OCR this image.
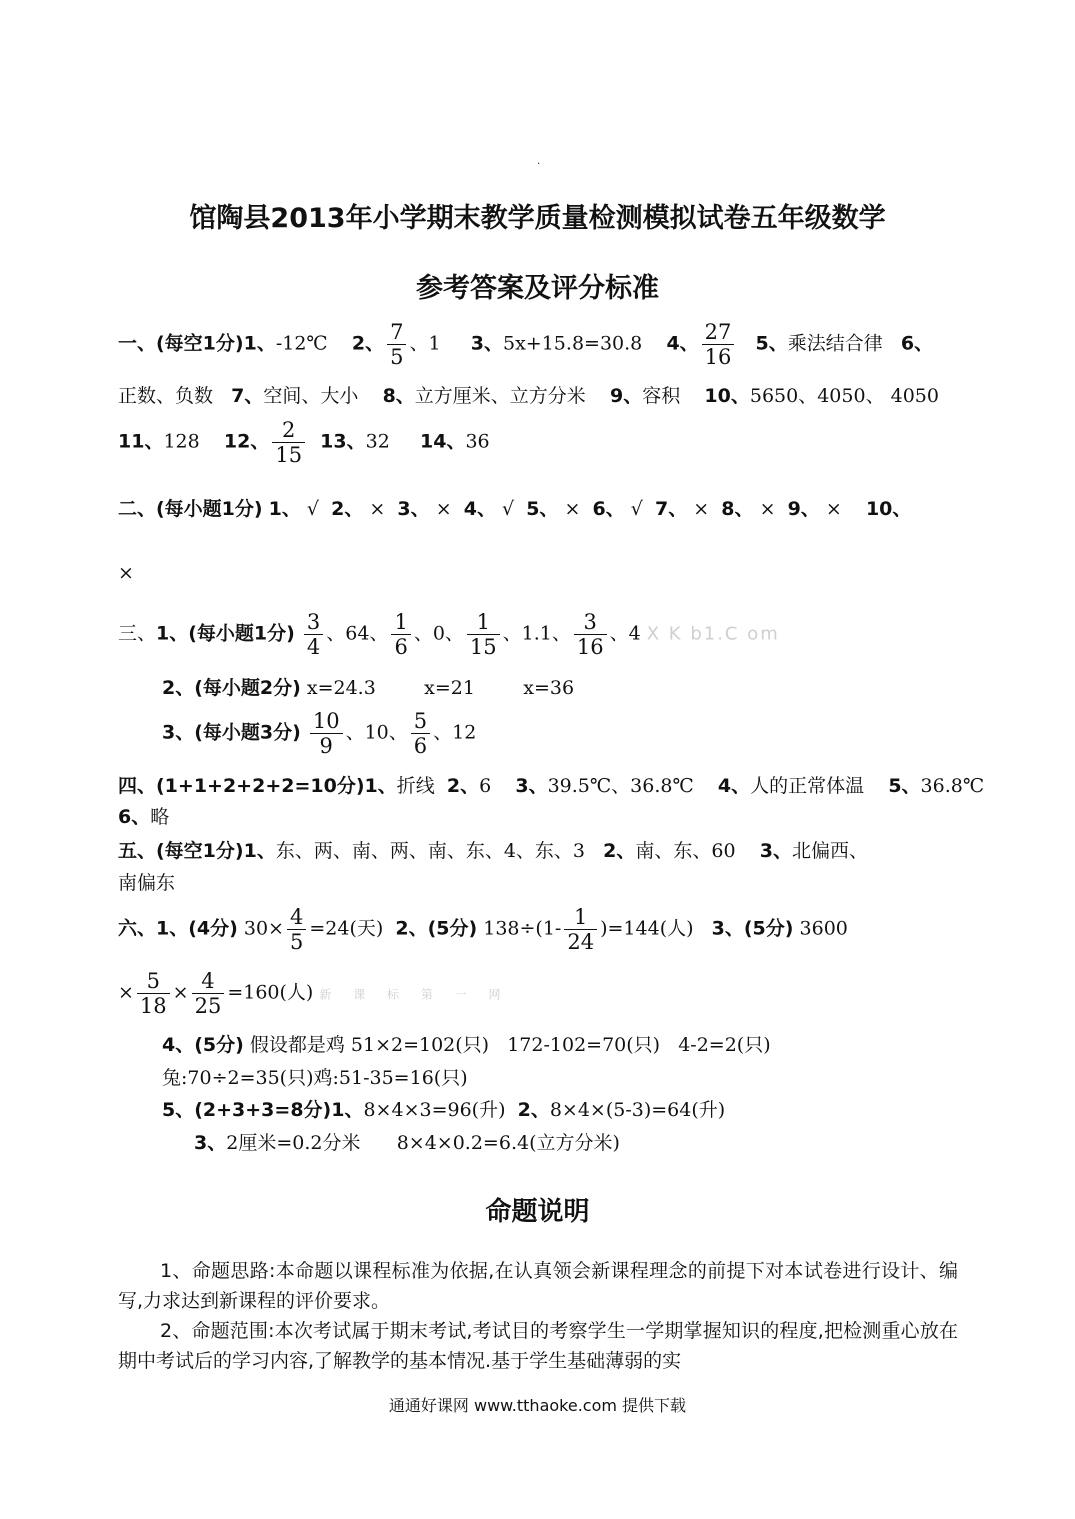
.
馆陶县2013年小学期末教学质量检测模拟试卷五年级数学
参考答案及评分标准
一、(每空1分)1、-12℃ 2、 $\frac{7}{5}$ 、1 3、5x+15.8=30.8 4、 $\frac{27}{16} 5$、乘法结合律 6、
正数、负数 7、空间、大小 8、立方厘米、立方分米 9、容积 10、5650、4050、 4050
11、128 12、 $\frac{2}{15} 13$、32 14、36
二、(每小题1分) 1、 √ 2、 × 3、 × 4、 √ 5、 × 6、 √ 7、 × 8、 × 9、 × 10、
×
三、1、(每小题1分) $\frac{3}{4}$ 、64、 $\frac{1}{6}$ 、0、 $\frac{1}{15}$ 、1.1、 $\frac{3}{16}$ 、4 X K b1.C om
2、(每小题2分) x=24.3        x=21        x=36
3、(每小题3分) $\frac{10}{9}$ 、10、 $\frac{5}{6}$ 、12
四、(1+1+2+2+2=10分)1、折线 2、6 3、39.5℃、36.8℃ 4、人的正常体温 5、36.8℃
6、略
五、(每空1分)1、东、两、南、两、南、东、4、东、3 2、南、东、60 3、北偏西、
南偏东
六、1、(4分) $30\times \frac{4}{5} =24$(天) 2、(5分) $138\div(1- \frac{1}{24} )=144$(人) 3、(5分) 3600
× $\frac{5}{18} \times \frac{4}{25} =160$(人) 新 课 标 第 一 网
4、(5分) 假设都是鸡 51×2=102(只)   172-102=70(只)   4-2=2(只)
兔:70÷2=35(只)鸡:51-35=16(只)
5、(2+3+3=8分)1、8×4×3=96(升) 2、8×4×(5-3)=64(升)
3、2厘米=0.2分米      8×4×0.2=6.4(立方分米)
命题说明
1、命题思路:本命题以课程标准为依据,在认真领会新课程理念的前提下对本试卷进行设计、编写,力求达到新课程的评价要求。
2、命题范围:本次考试属于期末考试,考试目的考察学生一学期掌握知识的程度,把检测重心放在期中考试后的学习内容,了解教学的基本情况.基于学生基础薄弱的实
通通好课网 www.tthaoke.com 提供下载
